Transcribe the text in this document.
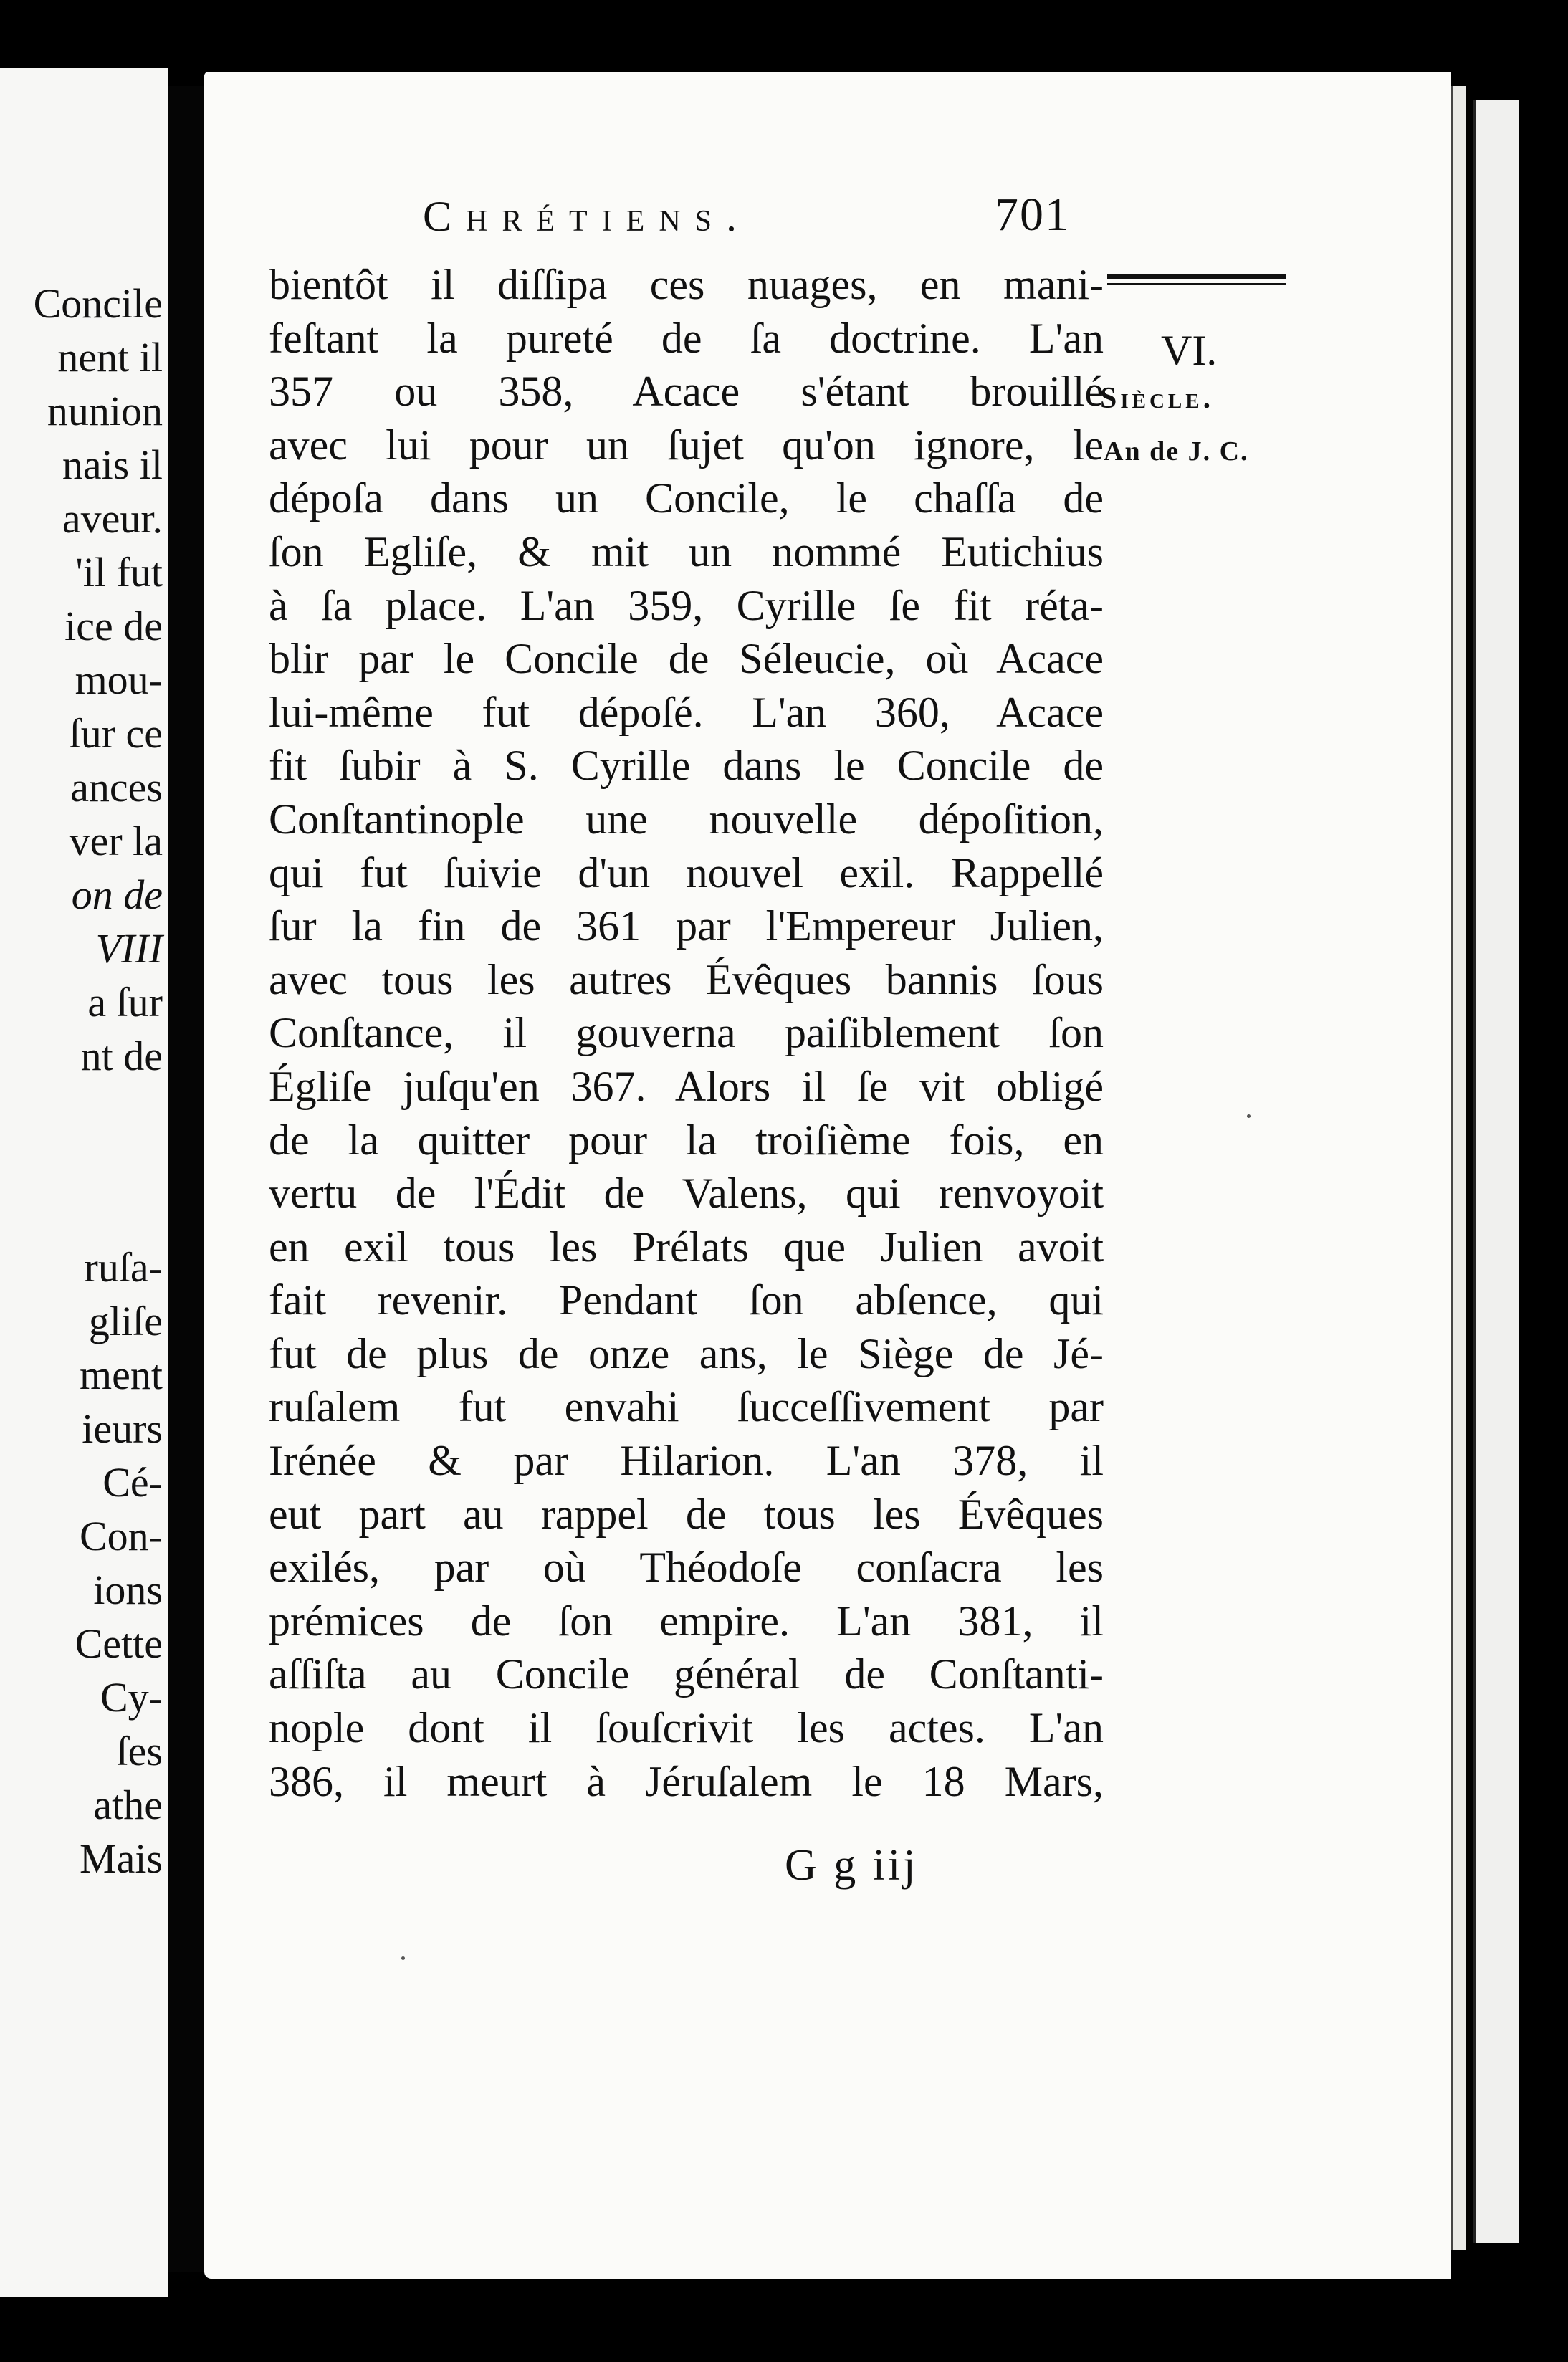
Concile
nent il
nunion
nais il
aveur.
'il fut
ice de
mou-
ſur ce
ances
ver la
on de
VIII
a ſur
nt de
ruſa-
gliſe
ment
ieurs
Cé-
Con-
ions
Cette
Cy-
ſes
athe
Mais
Chrétiens.	701
VI.
Siècle.
An de J. C.
bientôt il diſſipa ces nuages, en mani-
feſtant la pureté de ſa doctrine. L'an
357 ou 358, Acace s'étant brouillé
avec lui pour un ſujet qu'on ignore, le
dépoſa dans un Concile, le chaſſa de
ſon Egliſe, & mit un nommé Eutichius
à ſa place. L'an 359, Cyrille ſe fit réta-
blir par le Concile de Séleucie, où Acace
lui-même fut dépoſé. L'an 360, Acace
fit ſubir à S. Cyrille dans le Concile de
Conſtantinople une nouvelle dépoſition,
qui fut ſuivie d'un nouvel exil. Rappellé
ſur la fin de 361 par l'Empereur Julien,
avec tous les autres Évêques bannis ſous
Conſtance, il gouverna paiſiblement ſon
Égliſe juſqu'en 367. Alors il ſe vit obligé
de la quitter pour la troiſième fois, en
vertu de l'Édit de Valens, qui renvoyoit
en exil tous les Prélats que Julien avoit
fait revenir. Pendant ſon abſence, qui
fut de plus de onze ans, le Siège de Jé-
ruſalem fut envahi ſucceſſivement par
Irénée & par Hilarion. L'an 378, il
eut part au rappel de tous les Évêques
exilés, par où Théodoſe conſacra les
prémices de ſon empire. L'an 381, il
aſſiſta au Concile général de Conſtanti-
nople dont il ſouſcrivit les actes. L'an
386, il meurt à Jéruſalem le 18 Mars,
G g iij
